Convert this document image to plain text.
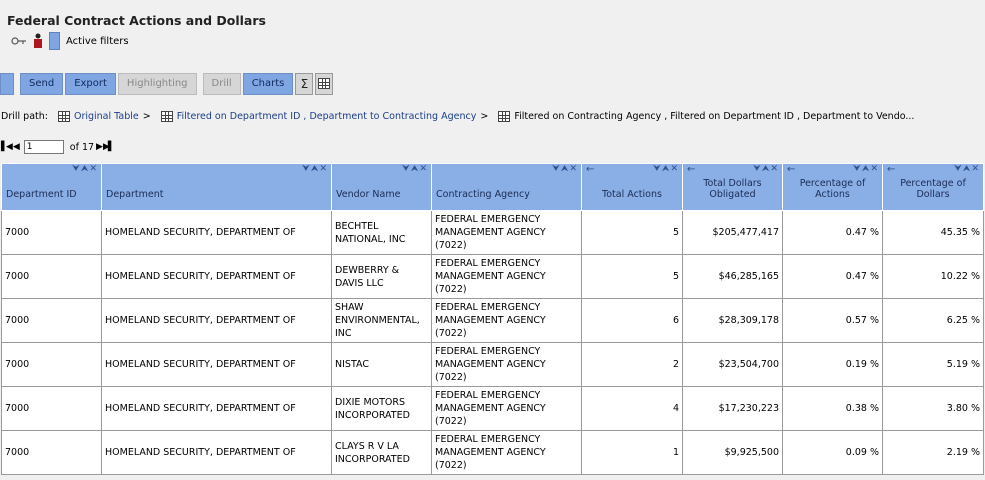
Federal Contract Actions and Dollars
Active filters
Send	Export	Highlighting	Drill	Charts	Σ
Drill path:	Original Table >	Filtered on Department ID , Department to Contracting Agency >	Filtered on Contracting Agency , Filtered on Department ID , Department to Vendo...
▌◀ ◀
1	of 17 ▶ ▶▌
⮟⮝✕
Department ID	⮟⮝✕
Department	⮟⮝✕
Vendor Name	⮟⮝✕
Contracting Agency	← ⮟⮝✕
Total Actions	← ⮟⮝✕
Total Dollars Obligated	← ⮟⮝✕
Percentage of Actions	← ⮟⮝✕
Percentage of Dollars

7000	HOMELAND SECURITY, DEPARTMENT OF	BECHTEL NATIONAL, INC	FEDERAL EMERGENCY MANAGEMENT AGENCY (7022)	5	$205,477,417	0.47 %	45.35 %
7000	HOMELAND SECURITY, DEPARTMENT OF	DEWBERRY & DAVIS LLC	FEDERAL EMERGENCY MANAGEMENT AGENCY (7022)	5	$46,285,165	0.47 %	10.22 %
7000	HOMELAND SECURITY, DEPARTMENT OF	SHAW ENVIRONMENTAL, INC	FEDERAL EMERGENCY MANAGEMENT AGENCY (7022)	6	$28,309,178	0.57 %	6.25 %
7000	HOMELAND SECURITY, DEPARTMENT OF	NISTAC	FEDERAL EMERGENCY MANAGEMENT AGENCY (7022)	2	$23,504,700	0.19 %	5.19 %
7000	HOMELAND SECURITY, DEPARTMENT OF	DIXIE MOTORS INCORPORATED	FEDERAL EMERGENCY MANAGEMENT AGENCY (7022)	4	$17,230,223	0.38 %	3.80 %
7000	HOMELAND SECURITY, DEPARTMENT OF	CLAYS R V LA INCORPORATED	FEDERAL EMERGENCY MANAGEMENT AGENCY (7022)	1	$9,925,500	0.09 %	2.19 %
